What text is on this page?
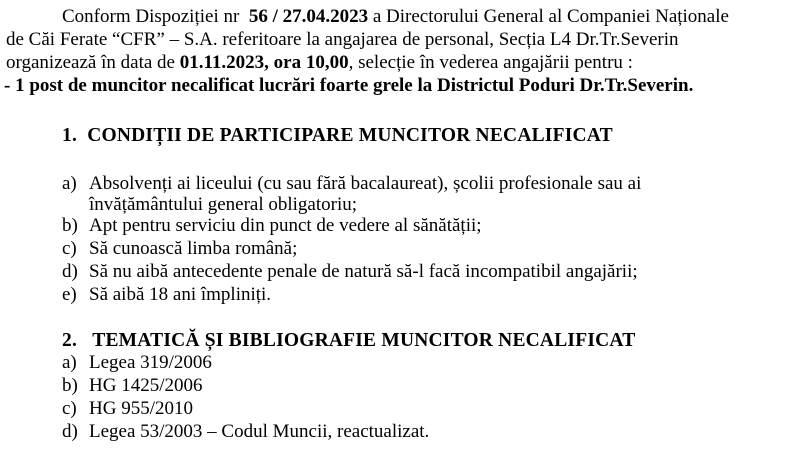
Conform Dispoziției nr 56 / 27.04.2023 a Directorului General al Companiei Naționale
de Căi Ferate “CFR” – S.A. referitoare la angajarea de personal, Secția L4 Dr.Tr.Severin
organizează în data de 01.11.2023, ora 10,00, selecție în vederea angajării pentru :
- 1 post de muncitor necalificat lucrări foarte grele la Districtul Poduri Dr.Tr.Severin.
1. CONDIȚII DE PARTICIPARE MUNCITOR NECALIFICAT
a) Absolvenți ai liceului (cu sau fără bacalaureat), școlii profesionale sau ai
învățământului general obligatoriu;
b) Apt pentru serviciu din punct de vedere al sănătății;
c) Să cunoască limba română;
d) Să nu aibă antecedente penale de natură să-l facă incompatibil angajării;
e) Să aibă 18 ani împliniți.
2. TEMATICĂ ȘI BIBLIOGRAFIE MUNCITOR NECALIFICAT
a) Legea 319/2006
b) HG 1425/2006
c) HG 955/2010
d) Legea 53/2003 – Codul Muncii, reactualizat.
